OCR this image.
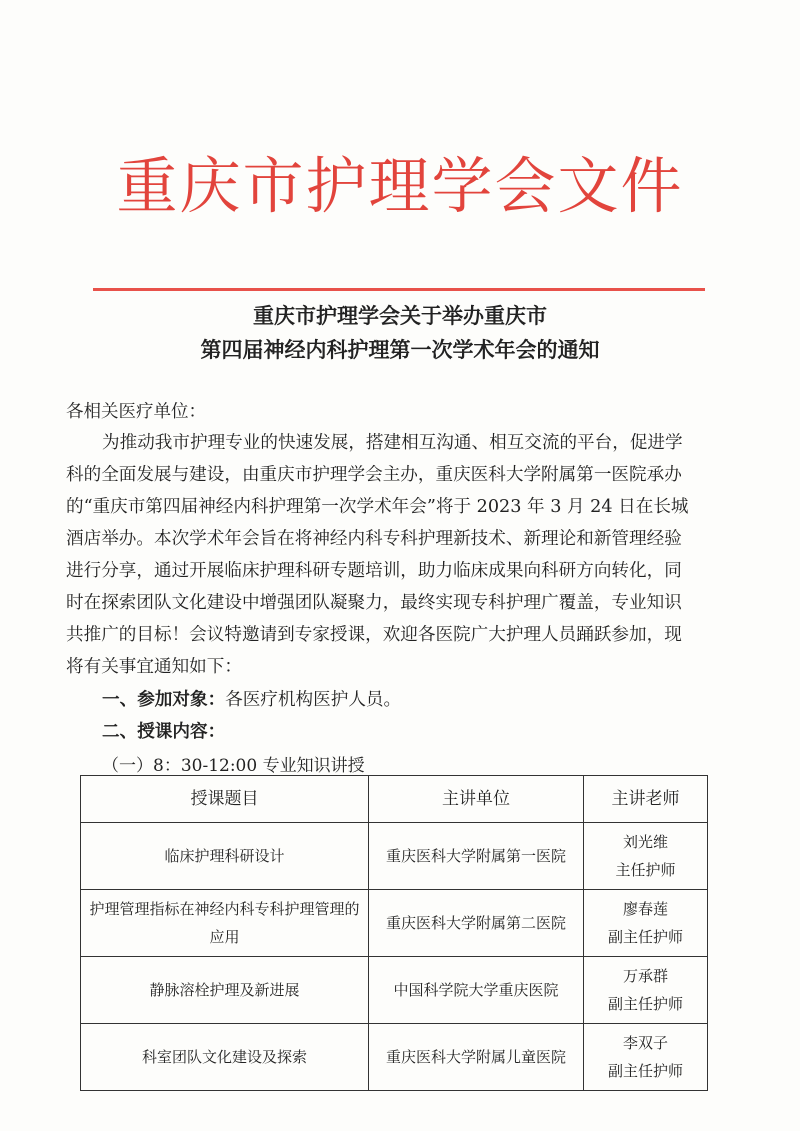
重庆市护理学会文件
重庆市护理学会关于举办重庆市
第四届神经内科护理第一次学术年会的通知
各相关医疗单位：
为推动我市护理专业的快速发展，搭建相互沟通、相互交流的平台，促进学
科的全面发展与建设，由重庆市护理学会主办，重庆医科大学附属第一医院承办
的“重庆市第四届神经内科护理第一次学术年会”将于 2023 年 3 月 24 日在长城
酒店举办。本次学术年会旨在将神经内科专科护理新技术、新理论和新管理经验
进行分享，通过开展临床护理科研专题培训，助力临床成果向科研方向转化，同
时在探索团队文化建设中增强团队凝聚力，最终实现专科护理广覆盖，专业知识
共推广的目标！会议特邀请到专家授课，欢迎各医院广大护理人员踊跃参加，现
将有关事宜通知如下：
一、参加对象：各医疗机构医护人员。
二、授课内容：
（一）8：30-12:00 专业知识讲授
授课题目	主讲单位	主讲老师
临床护理科研设计	重庆医科大学附属第一医院	刘光维
主任护师

护理管理指标在神经内科专科护理管理的应用	重庆医科大学附属第二医院	廖春莲
副主任护师

静脉溶栓护理及新进展	中国科学院大学重庆医院	万承群
副主任护师

科室团队文化建设及探索	重庆医科大学附属儿童医院	李双子
副主任护师
